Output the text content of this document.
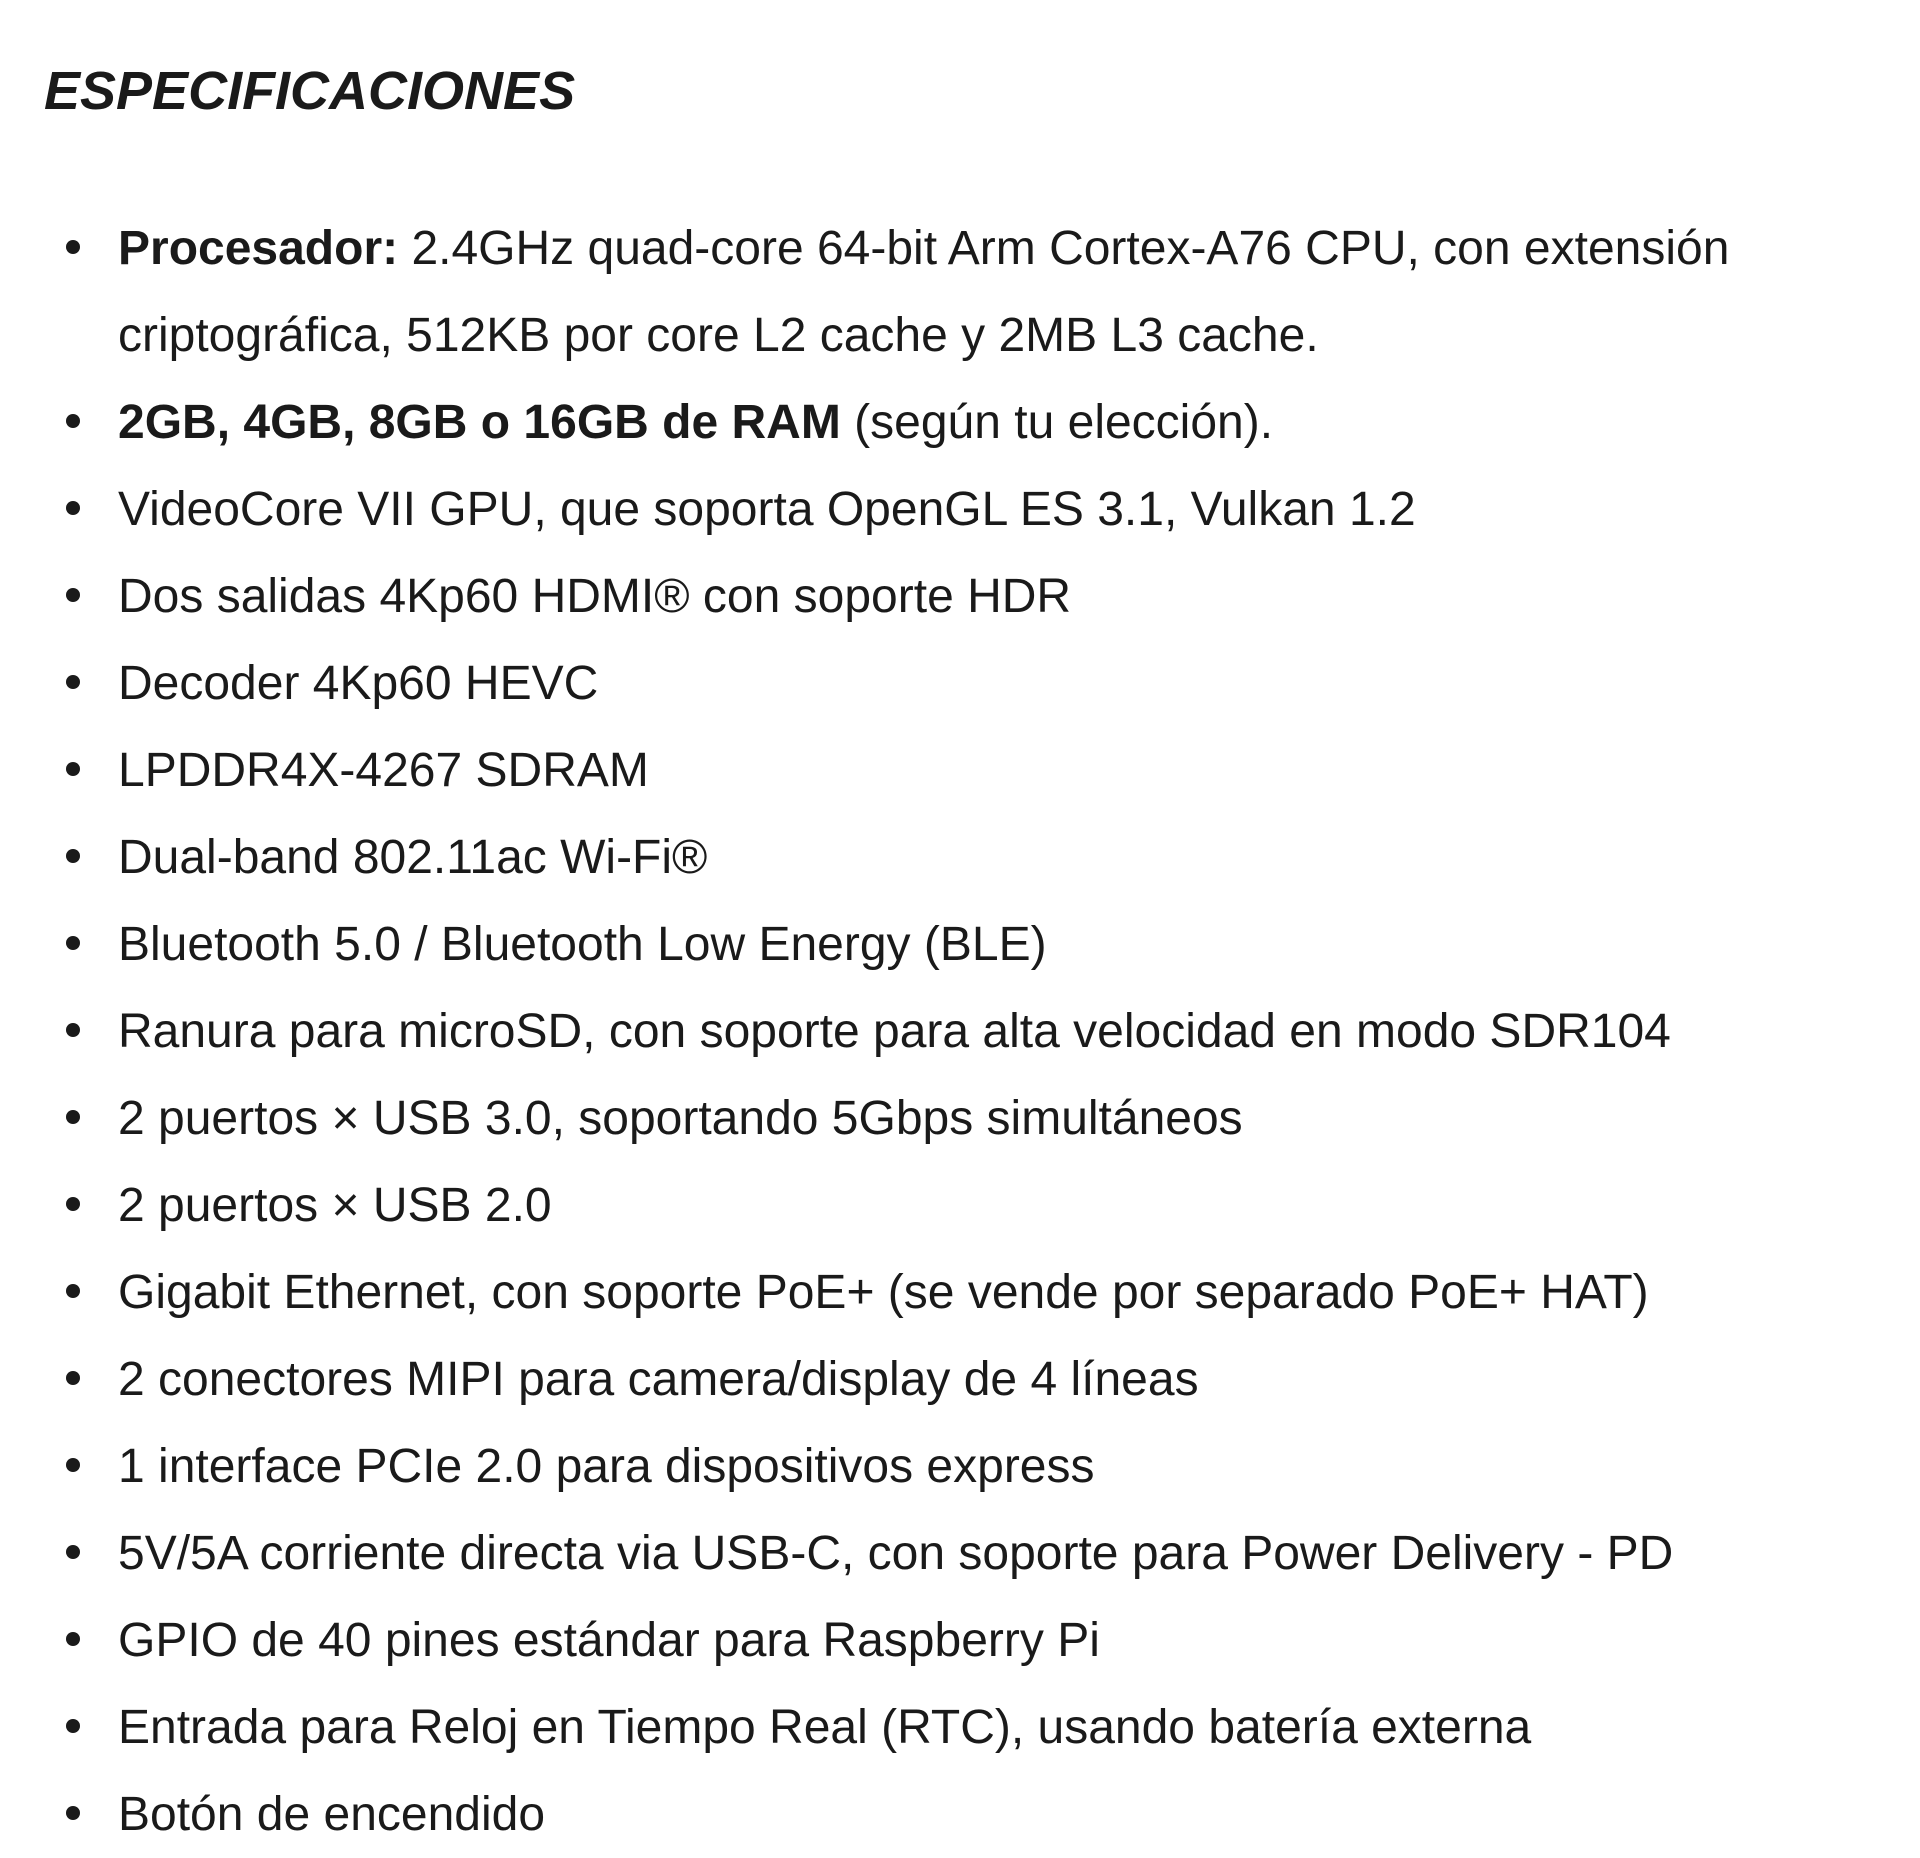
ESPECIFICACIONES
Procesador: 2.4GHz quad-core 64-bit Arm Cortex-A76 CPU, con extensión criptográfica, 512KB por core L2 cache y 2MB L3 cache.
2GB, 4GB, 8GB o 16GB de RAM (según tu elección).
VideoCore VII GPU, que soporta OpenGL ES 3.1, Vulkan 1.2
Dos salidas 4Kp60 HDMI® con soporte HDR
Decoder 4Kp60 HEVC
LPDDR4X-4267 SDRAM
Dual-band 802.11ac Wi-Fi®
Bluetooth 5.0 / Bluetooth Low Energy (BLE)
Ranura para microSD, con soporte para alta velocidad en modo SDR104
2 puertos × USB 3.0, soportando 5Gbps simultáneos
2 puertos × USB 2.0
Gigabit Ethernet, con soporte PoE+ (se vende por separado PoE+ HAT)
2 conectores MIPI para camera/display de 4 líneas
1 interface PCIe 2.0 para dispositivos express
5V/5A corriente directa via USB-C, con soporte para Power Delivery - PD
GPIO de 40 pines estándar para Raspberry Pi
Entrada para Reloj en Tiempo Real (RTC), usando batería externa
Botón de encendido
